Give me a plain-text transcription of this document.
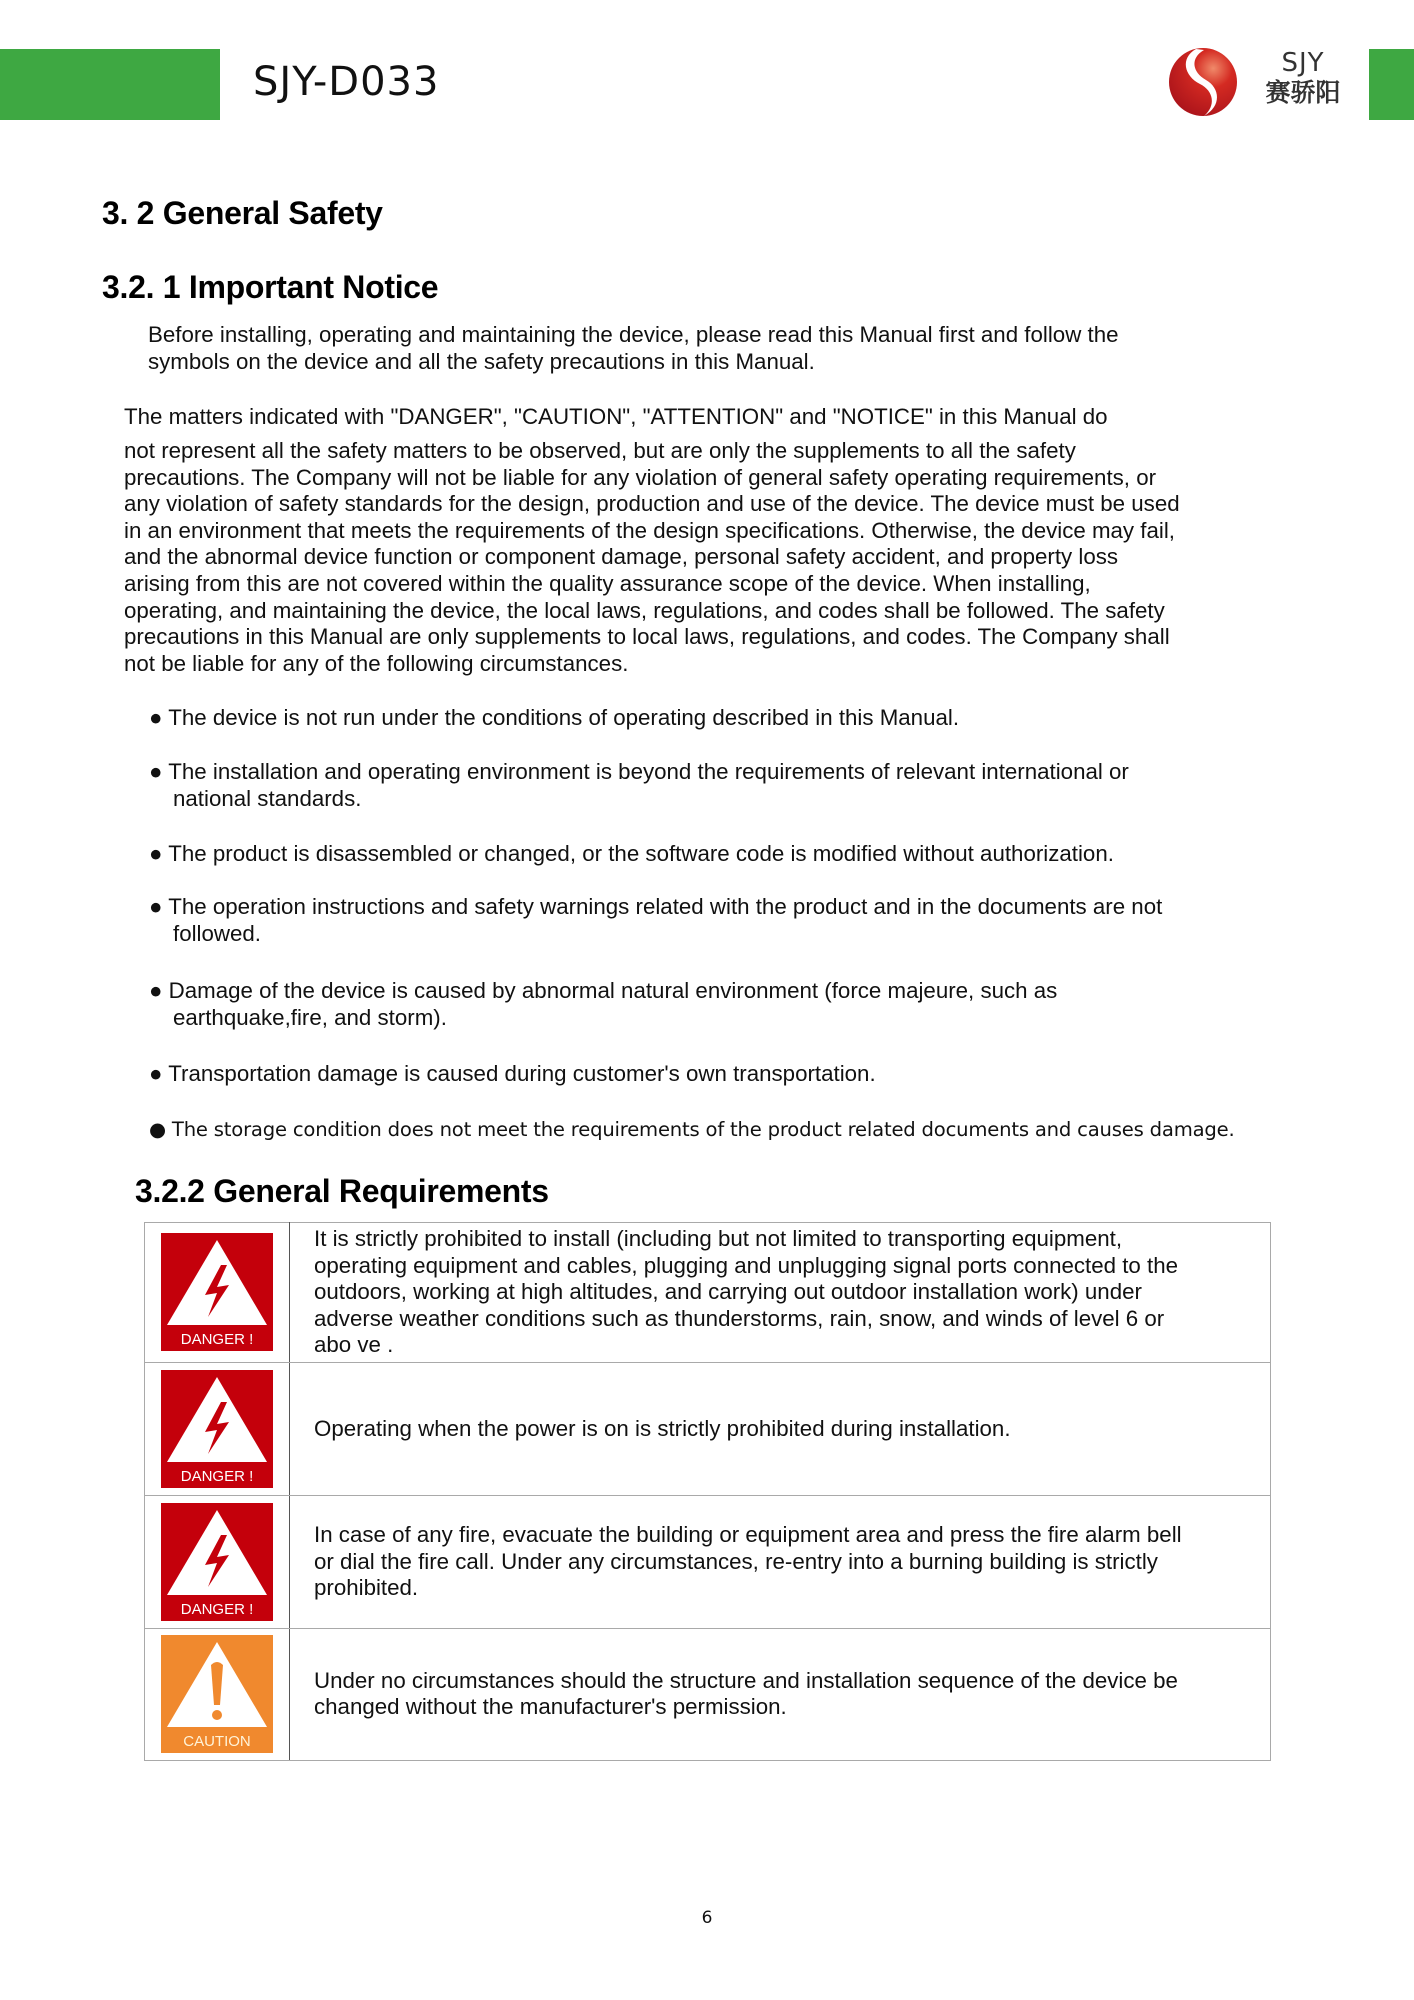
SJY-D033	SJY
赛骄阳
3. 2 General Safety
3.2. 1 Important Notice
Before installing, operating and maintaining the device, please read this Manual first and follow the
symbols on the device and all the safety precautions in this Manual.
The matters indicated with "DANGER", "CAUTION", "ATTENTION" and "NOTICE" in this Manual do
not represent all the safety matters to be observed, but are only the supplements to all the safety
precautions. The Company will not be liable for any violation of general safety operating requirements, or
any violation of safety standards for the design, production and use of the device. The device must be used
in an environment that meets the requirements of the design specifications. Otherwise, the device may fail,
and the abnormal device function or component damage, personal safety accident, and property loss
arising from this are not covered within the quality assurance scope of the device. When installing,
operating, and maintaining the device, the local laws, regulations, and codes shall be followed. The safety
precautions in this Manual are only supplements to local laws, regulations, and codes. The Company shall
not be liable for any of the following circumstances.
● The device is not run under the conditions of operating described in this Manual.
● The installation and operating environment is beyond the requirements of relevant international or
national standards.
● The product is disassembled or changed, or the software code is modified without authorization.
● The operation instructions and safety warnings related with the product and in the documents are not
followed.
● Damage of the device is caused by abnormal natural environment (force majeure, such as
earthquake,fire, and storm).
● Transportation damage is caused during customer's own transportation.
● The storage condition does not meet the requirements of the product related documents and causes damage.
3.2.2 General Requirements
DANGER !	It is strictly prohibited to install (including but not limited to transporting equipment,
operating equipment and cables, plugging and unplugging signal ports connected to the
outdoors, working at high altitudes, and carrying out outdoor installation work) under
adverse weather conditions such as thunderstorms, rain, snow, and winds of level 6 or
abo ve .

DANGER !	Operating when the power is on is strictly prohibited during installation.

DANGER !	In case of any fire, evacuate the building or equipment area and press the fire alarm bell
or dial the fire call. Under any circumstances, re-entry into a burning building is strictly
prohibited.

CAUTION	Under no circumstances should the structure and installation sequence of the device be
changed without the manufacturer's permission.
6
